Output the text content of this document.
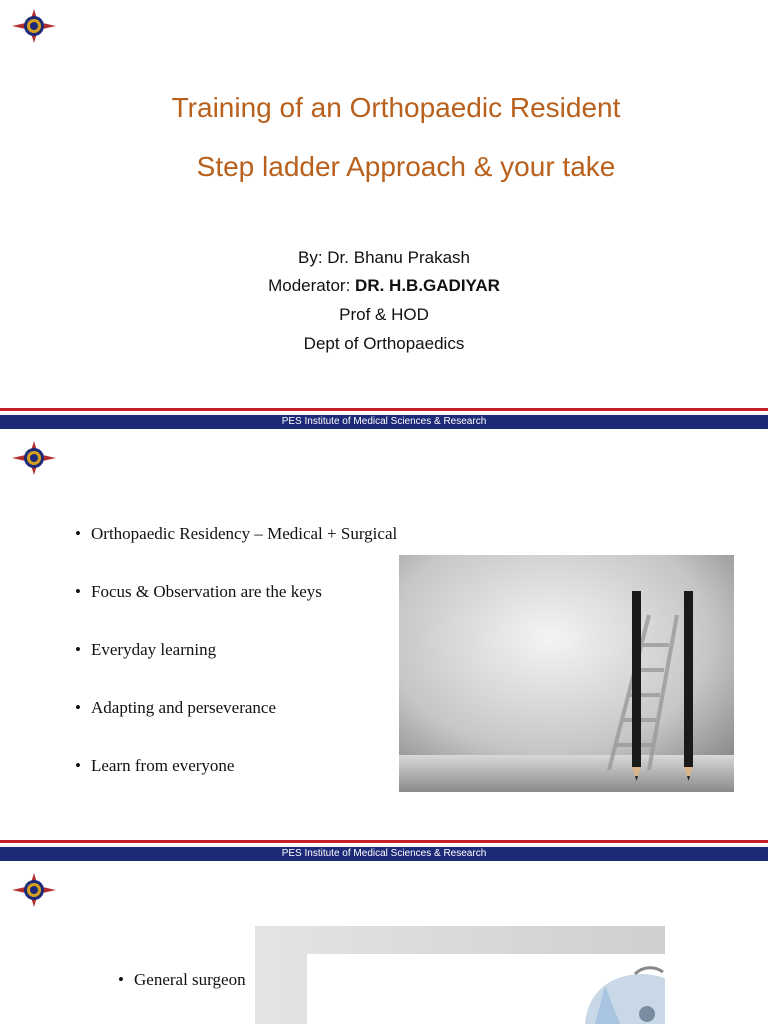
Training of an Orthopaedic Resident
Step ladder Approach & your take
By: Dr. Bhanu Prakash
Moderator: DR. H.B.GADIYAR
Prof & HOD
Dept of Orthopaedics
PES Institute of Medical Sciences & Research
• Orthopaedic Residency – Medical + Surgical
• Focus & Observation are the keys
• Everyday learning
• Adapting and perseverance
• Learn from everyone
PES Institute of Medical Sciences & Research
• General surgeon
